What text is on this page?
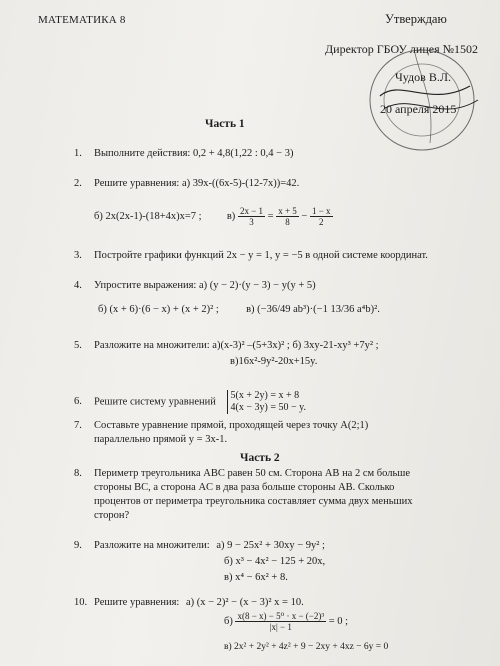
МАТЕМАТИКА 8	Утверждаю
Директор ГБОУ лицея №1502
Чудов В.Л.
20 апреля 2015
Часть 1
1. Выполните действия: 0,2 + 4,8(1,22 : 0,4 − 3)
2. Решите уравнения: а) 39x-((6x-5)-(12-7x))=42.
б) 2x(2x-1)-(18+4x)x=7 ; $в) \frac{2x - 1}{3} = \frac{x + 5}{8} - \frac{1 - x}{2}$
3. Постройте графики функций 2x − y = 1, y = −5 в одной системе координат.
4. Упростите выражения: а) (y − 2)·(y − 3) − y(y + 5)
б) (x + 6)·(6 − x) + (x + 2)² ;	в) (−36/49 ab³)·(−1 13/36 a⁴b)².
5. Разложите на множители: а)(x-3)² –(5+3x)² ; б) 3xy-21-xy³ +7y² ;
в)16x²-9y²-20x+15y.
6. Решите систему уравнений
5(x + 2y) = x + 8
4(x − 3y) = 50 − y.
7. Составьте уравнение прямой, проходящей через точку A(2;1)
параллельно прямой y = 3x-1.
Часть 2
8. Периметр треугольника ABC равен 50 см. Сторона AB на 2 см больше
стороны BC, а сторона AC в два раза больше стороны AB. Сколько
процентов от периметра треугольника составляет сумма двух меньших
сторон?
9. Разложите на множители: а) 9 − 25x² + 30xy − 9y² ;
б) x³ − 4x² − 125 + 20x,
в) x⁴ − 6x² + 8.
10. Решите уравнения: а) (x − 2)² − (x − 3)² x = 10.
$б) \frac{\text{x(8 − x) − 5⁰ · x − (−2)³}}{|x| - 1} = 0$ ;
в) 2x² + 2y² + 4z² + 9 − 2xy + 4xz − 6y = 0
